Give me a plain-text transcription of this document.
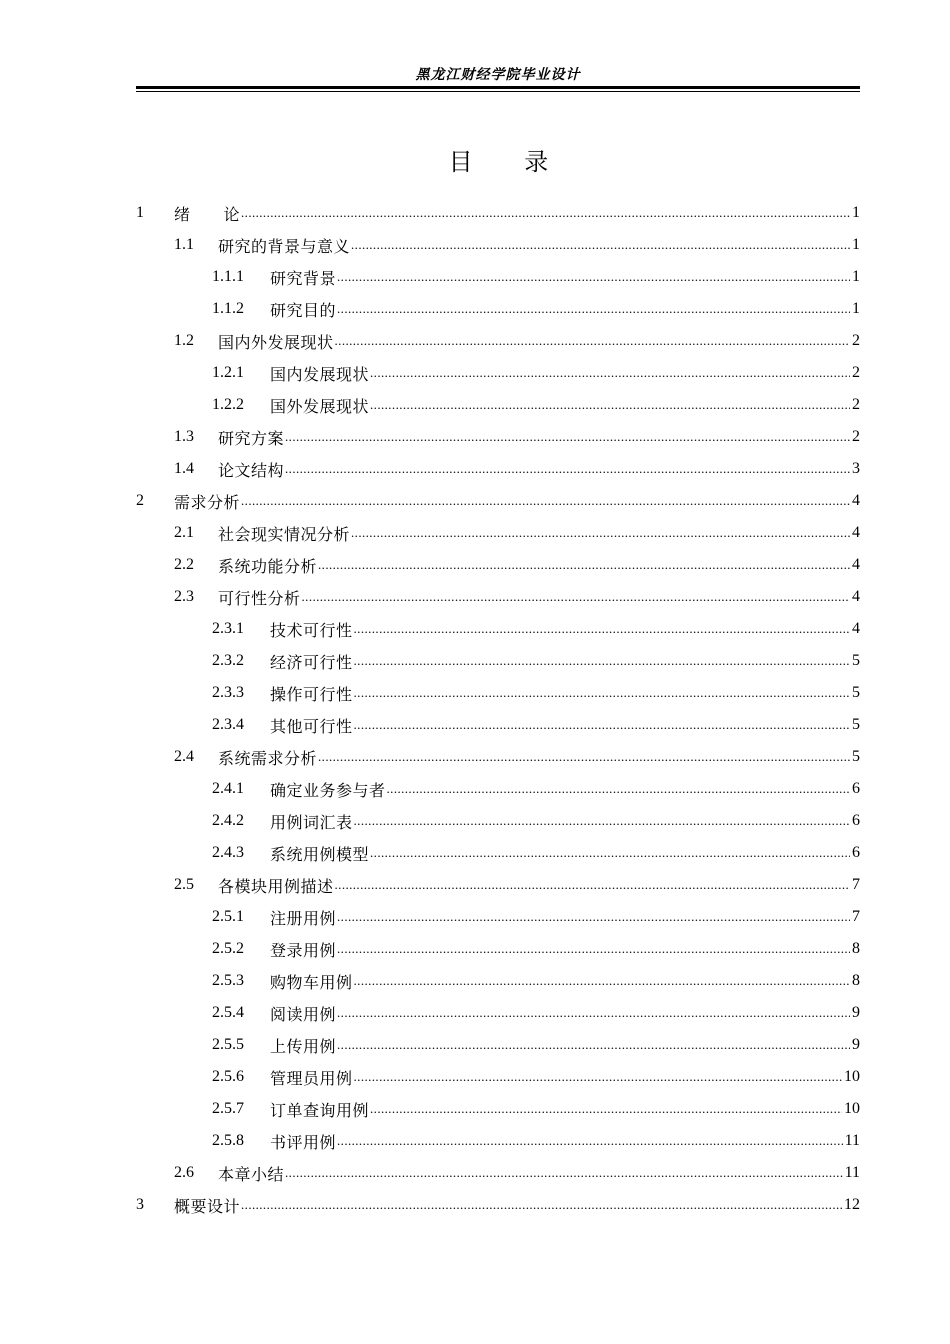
黑龙江财经学院毕业设计
目 录
1	绪　　论 .....	1
1.1	研究的背景与意义 .....	1
1.1.1	研究背景 .....	1
1.1.2	研究目的 .....	1
1.2	国内外发展现状 .....	2
1.2.1	国内发展现状 .....	2
1.2.2	国外发展现状 .....	2
1.3	研究方案 .....	2
1.4	论文结构 .....	3
2	需求分析 .....	4
2.1	社会现实情况分析 .....	4
2.2	系统功能分析 .....	4
2.3	可行性分析 .....	4
2.3.1	技术可行性 .....	4
2.3.2	经济可行性 .....	5
2.3.3	操作可行性 .....	5
2.3.4	其他可行性 .....	5
2.4	系统需求分析 .....	5
2.4.1	确定业务参与者 .....	6
2.4.2	用例词汇表 .....	6
2.4.3	系统用例模型 .....	6
2.5	各模块用例描述 .....	7
2.5.1	注册用例 .....	7
2.5.2	登录用例 .....	8
2.5.3	购物车用例 .....	8
2.5.4	阅读用例 .....	9
2.5.5	上传用例 .....	9
2.5.6	管理员用例 .....	10
2.5.7	订单查询用例 .....	10
2.5.8	书评用例 .....	11
2.6	本章小结 .....	11
3	概要设计 .....	12
